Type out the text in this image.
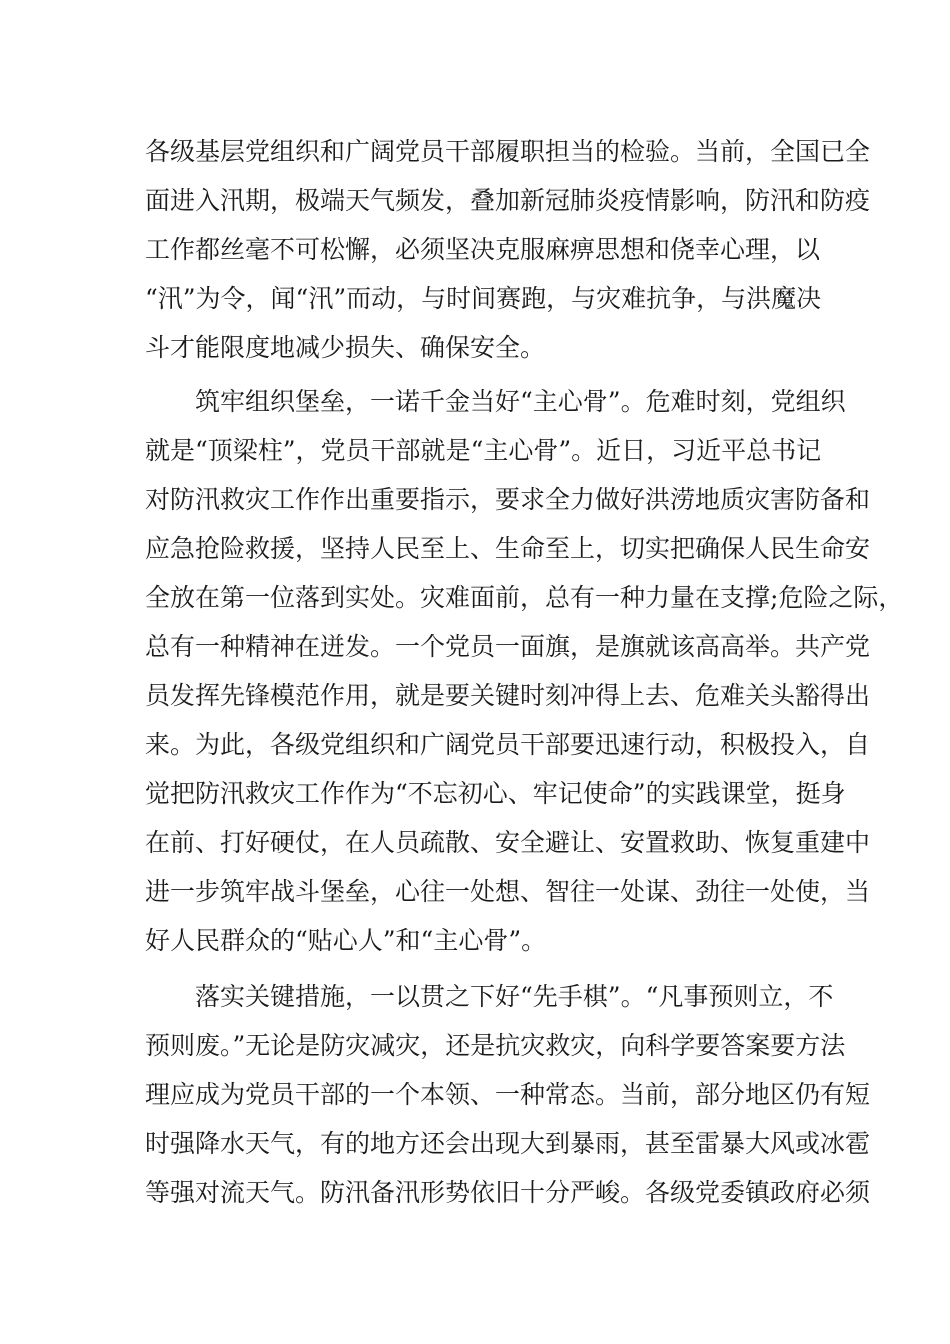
各级基层党组织和广阔党员干部履职担当的检验。当前，全国已全
面进入汛期，极端天气频发，叠加新冠肺炎疫情影响，防汛和防疫
工作都丝毫不可松懈，必须坚决克服麻痹思想和侥幸心理，以
“汛”为令，闻“汛”而动，与时间赛跑，与灾难抗争，与洪魔决
斗才能限度地减少损失、确保安全。
筑牢组织堡垒，一诺千金当好“主心骨”。危难时刻，党组织
就是“顶梁柱”，党员干部就是“主心骨”。近日，习近平总书记
对防汛救灾工作作出重要指示，要求全力做好洪涝地质灾害防备和
应急抢险救援，坚持人民至上、生命至上，切实把确保人民生命安
全放在第一位落到实处。灾难面前，总有一种力量在支撑;危险之际，
总有一种精神在迸发。一个党员一面旗，是旗就该高高举。共产党
员发挥先锋模范作用，就是要关键时刻冲得上去、危难关头豁得出
来。为此，各级党组织和广阔党员干部要迅速行动，积极投入，自
觉把防汛救灾工作作为“不忘初心、牢记使命”的实践课堂，挺身
在前、打好硬仗，在人员疏散、安全避让、安置救助、恢复重建中
进一步筑牢战斗堡垒，心往一处想、智往一处谋、劲往一处使，当
好人民群众的“贴心人”和“主心骨”。
落实关键措施，一以贯之下好“先手棋”。“凡事预则立，不
预则废。”无论是防灾减灾，还是抗灾救灾，向科学要答案要方法
理应成为党员干部的一个本领、一种常态。当前，部分地区仍有短
时强降水天气，有的地方还会出现大到暴雨，甚至雷暴大风或冰雹
等强对流天气。防汛备汛形势依旧十分严峻。各级党委镇政府必须
